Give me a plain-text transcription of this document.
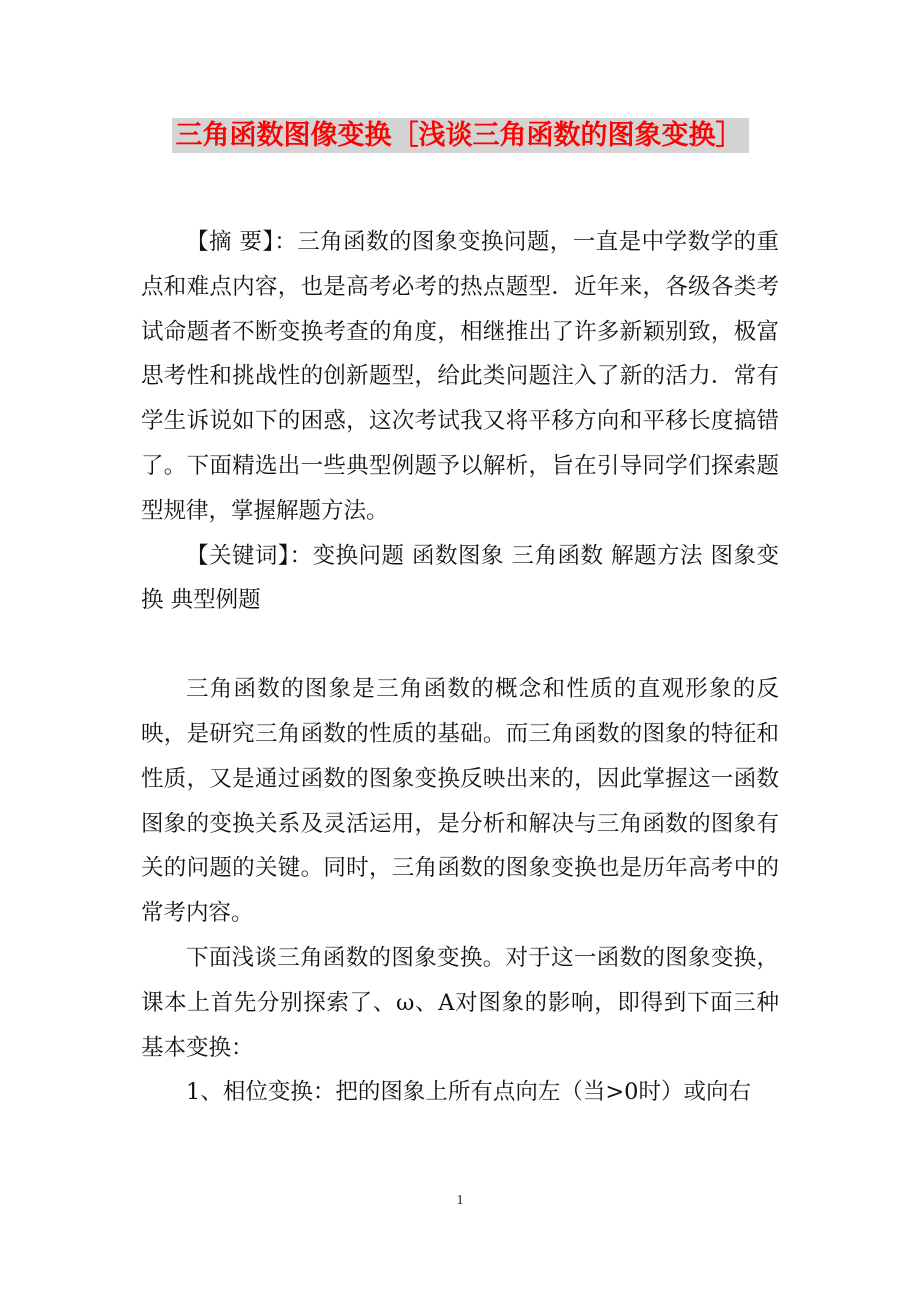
三角函数图像变换［浅谈三角函数的图象变换］

【摘 要】：三角函数的图象变换问题，一直是中学数学的重点和难点内容，也是高考必考的热点题型．近年来，各级各类考试命题者不断变换考查的角度，相继推出了许多新颖别致，极富思考性和挑战性的创新题型，给此类问题注入了新的活力．常有学生诉说如下的困惑，这次考试我又将平移方向和平移长度搞错了。下面精选出一些典型例题予以解析，旨在引导同学们探索题型规律，掌握解题方法。

【关键词】：变换问题 函数图象 三角函数 解题方法 图象变换 典型例题

三角函数的图象是三角函数的概念和性质的直观形象的反映，是研究三角函数的性质的基础。而三角函数的图象的特征和性质，又是通过函数的图象变换反映出来的，因此掌握这一函数图象的变换关系及灵活运用，是分析和解决与三角函数的图象有关的问题的关键。同时，三角函数的图象变换也是历年高考中的常考内容。

下面浅谈三角函数的图象变换。对于这一函数的图象变换，课本上首先分别探索了、ω、A对图象的影响，即得到下面三种基本变换：

1、相位变换：把的图象上所有点向左（当>0时）或向右

1
